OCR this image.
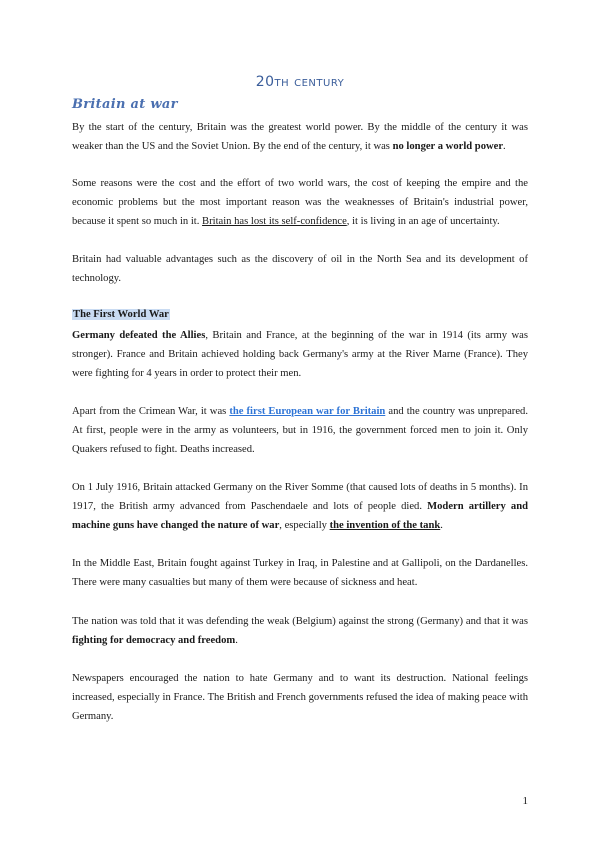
20th century
Britain at war
By the start of the century, Britain was the greatest world power. By the middle of the century it was weaker than the US and the Soviet Union. By the end of the century, it was no longer a world power.
Some reasons were the cost and the effort of two world wars, the cost of keeping the empire and the economic problems but the most important reason was the weaknesses of Britain's industrial power, because it spent so much in it. Britain has lost its self-confidence, it is living in an age of uncertainty.
Britain had valuable advantages such as the discovery of oil in the North Sea and its development of technology.
The First World War
Germany defeated the Allies, Britain and France, at the beginning of the war in 1914 (its army was stronger). France and Britain achieved holding back Germany's army at the River Marne (France). They were fighting for 4 years in order to protect their men.
Apart from the Crimean War, it was the first European war for Britain and the country was unprepared. At first, people were in the army as volunteers, but in 1916, the government forced men to join it. Only Quakers refused to fight. Deaths increased.
On 1 July 1916, Britain attacked Germany on the River Somme (that caused lots of deaths in 5 months). In 1917, the British army advanced from Paschendaele and lots of people died. Modern artillery and machine guns have changed the nature of war, especially the invention of the tank.
In the Middle East, Britain fought against Turkey in Iraq, in Palestine and at Gallipoli, on the Dardanelles. There were many casualties but many of them were because of sickness and heat.
The nation was told that it was defending the weak (Belgium) against the strong (Germany) and that it was fighting for democracy and freedom.
Newspapers encouraged the nation to hate Germany and to want its destruction. National feelings increased, especially in France. The British and French governments refused the idea of making peace with Germany.
1
